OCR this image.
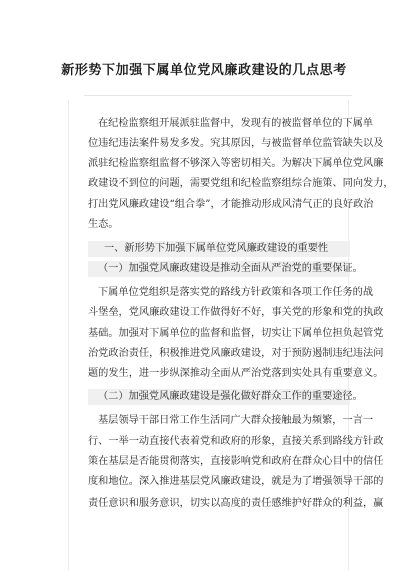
新形势下加强下属单位党风廉政建设的几点思考
在纪检监察组开展派驻监督中，发现有的被监督单位的下属单
位违纪违法案件易发多发。究其原因，与被监督单位监管缺失以及
派驻纪检监察组监督不够深入等密切相关。为解决下属单位党风廉
政建设不到位的问题，需要党组和纪检监察组综合施策、同向发力，
打出党风廉政建设“组合拳”，才能推动形成风清气正的良好政治
生态。
一、新形势下加强下属单位党风廉政建设的重要性
（一）加强党风廉政建设是推动全面从严治党的重要保证。
下属单位党组织是落实党的路线方针政策和各项工作任务的战
斗堡垒，党风廉政建设工作做得好不好，事关党的形象和党的执政
基础。加强对下属单位的监督和监督，切实让下属单位担负起管党
治党政治责任，积极推进党风廉政建设，对于预防遏制违纪违法问
题的发生，进一步纵深推动全面从严治党落到实处具有重要意义。
（二）加强党风廉政建设是强化做好群众工作的重要途径。
基层领导干部日常工作生活同广大群众接触最为频繁，一言一
行、一举一动直接代表着党和政府的形象，直接关系到路线方针政
策在基层是否能贯彻落实，直接影响党和政府在群众心目中的信任
度和地位。深入推进基层党风廉政建设，就是为了增强领导干部的
责任意识和服务意识，切实以高度的责任感维护好群众的利益，赢
